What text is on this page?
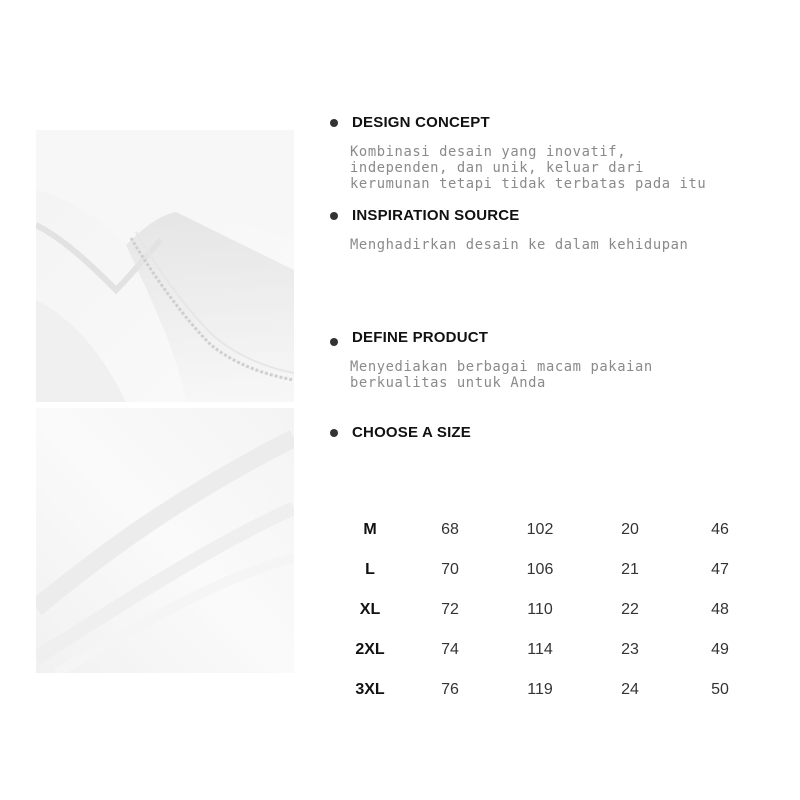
DESIGN CONCEPT
Kombinasi desain yang inovatif,
independen, dan unik, keluar dari
kerumunan tetapi tidak terbatas pada itu
INSPIRATION SOURCE
Menghadirkan desain ke dalam kehidupan
DEFINE PRODUCT
Menyediakan berbagai macam pakaian
berkualitas untuk Anda
CHOOSE A SIZE
M	68	102	20	46
L	70	106	21	47
XL	72	110	22	48
2XL	74	114	23	49
3XL	76	119	24	50
